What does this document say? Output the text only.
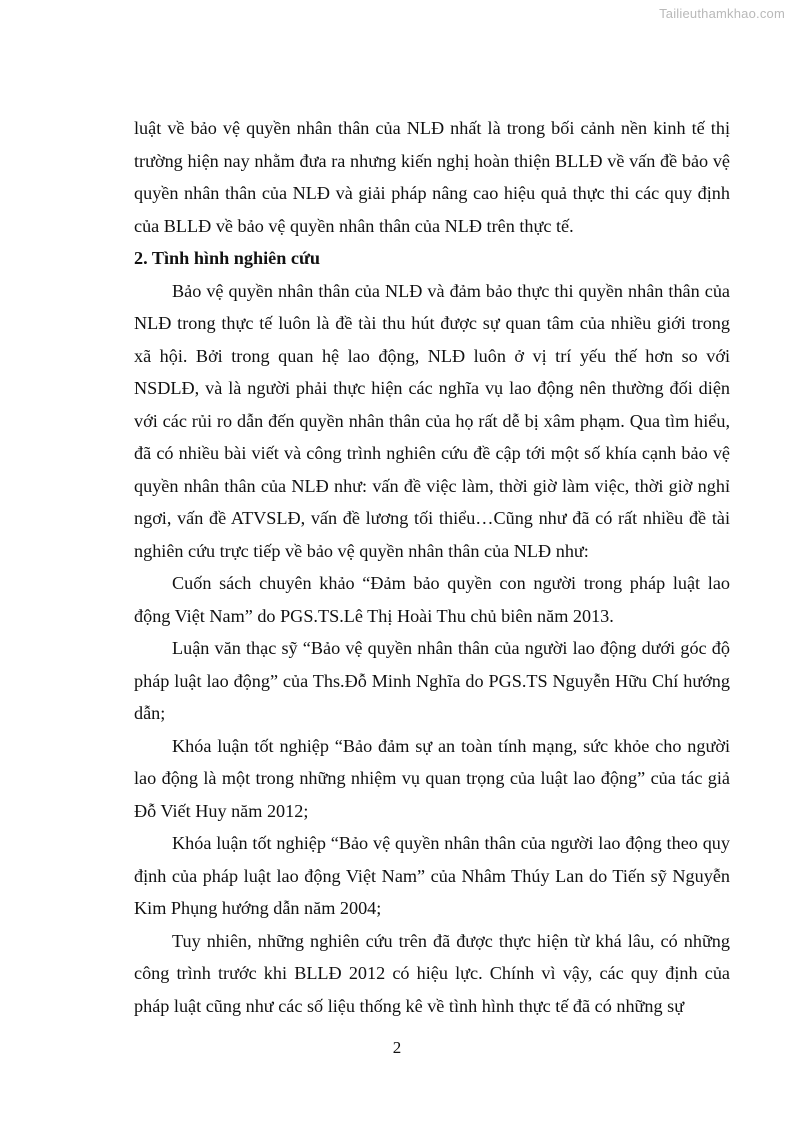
Tailieuthamkhao.com

luật về bảo vệ quyền nhân thân của NLĐ nhất là trong bối cảnh nền kinh tế thị trường hiện nay nhằm đưa ra nhưng kiến nghị hoàn thiện BLLĐ về vấn đề bảo vệ quyền nhân thân của NLĐ và giải pháp nâng cao hiệu quả thực thi các quy định của BLLĐ về bảo vệ quyền nhân thân của NLĐ trên thực tế.

2. Tình hình nghiên cứu

Bảo vệ quyền nhân thân của NLĐ và đảm bảo thực thi quyền nhân thân của NLĐ trong thực tế luôn là đề tài thu hút được sự quan tâm của nhiều giới trong xã hội. Bởi trong quan hệ lao động, NLĐ luôn ở vị trí yếu thế hơn so với NSDLĐ, và là người phải thực hiện các nghĩa vụ lao động nên thường đối diện với các rủi ro dẫn đến quyền nhân thân của họ rất dễ bị xâm phạm. Qua tìm hiểu, đã có nhiều bài viết và công trình nghiên cứu đề cập tới một số khía cạnh bảo vệ quyền nhân thân của NLĐ như: vấn đề việc làm, thời giờ làm việc, thời giờ nghỉ ngơi, vấn đề ATVSLĐ, vấn đề lương tối thiểu…Cũng như đã có rất nhiều đề tài nghiên cứu trực tiếp về bảo vệ quyền nhân thân của NLĐ như:

Cuốn sách chuyên khảo “Đảm bảo quyền con người trong pháp luật lao động Việt Nam” do PGS.TS.Lê Thị Hoài Thu chủ biên năm 2013.

Luận văn thạc sỹ “Bảo vệ quyền nhân thân của người lao động dưới góc độ pháp luật lao động” của Ths.Đỗ Minh Nghĩa do PGS.TS Nguyễn Hữu Chí hướng dẫn;

Khóa luận tốt nghiệp “Bảo đảm sự an toàn tính mạng, sức khỏe cho người lao động là một trong những nhiệm vụ quan trọng của luật lao động” của tác giả Đỗ Viết Huy năm 2012;

Khóa luận tốt nghiệp “Bảo vệ quyền nhân thân của người lao động theo quy định của pháp luật lao động Việt Nam” của Nhâm Thúy Lan do Tiến sỹ Nguyễn Kim Phụng hướng dẫn năm 2004;

Tuy nhiên, những nghiên cứu trên đã được thực hiện từ khá lâu, có những công trình trước khi BLLĐ 2012 có hiệu lực. Chính vì vậy, các quy định của pháp luật cũng như các số liệu thống kê về tình hình thực tế đã có những sự

2
